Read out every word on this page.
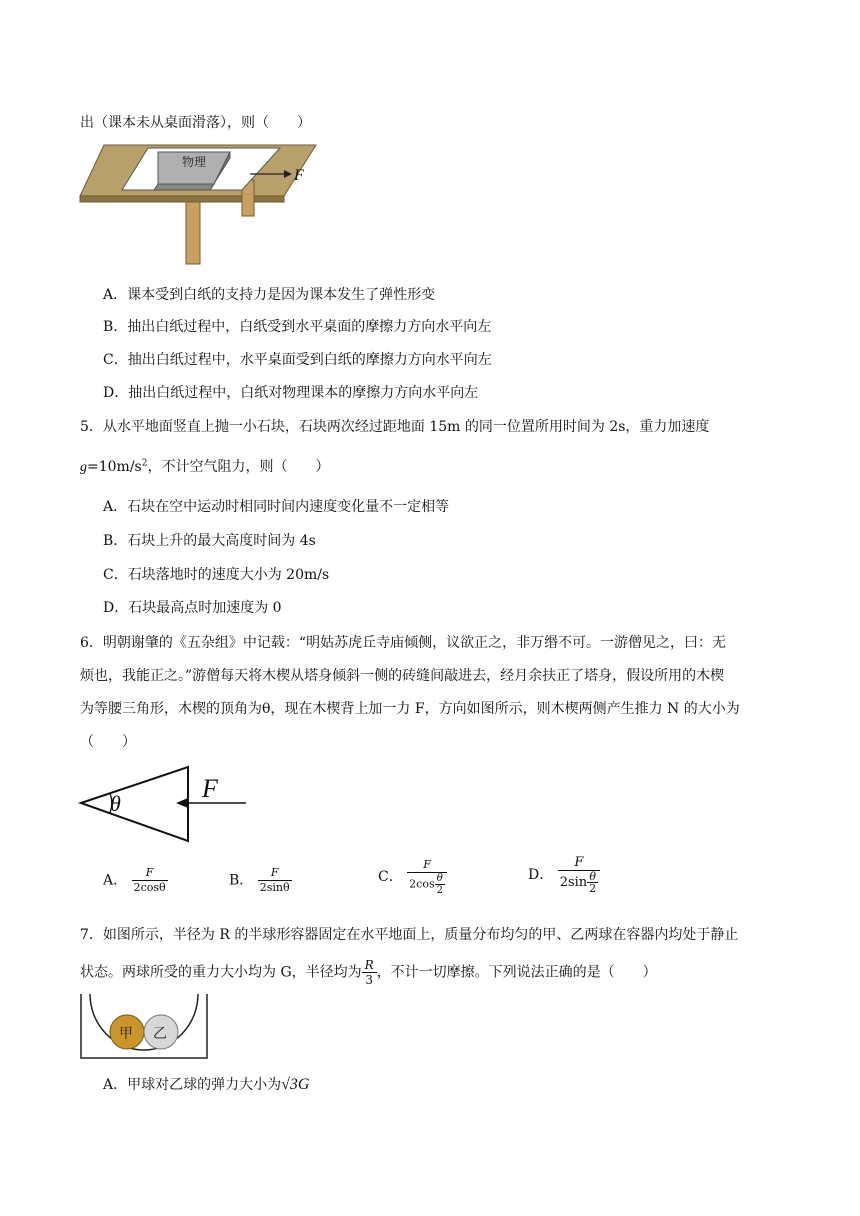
出（课本未从桌面滑落），则（　　）
物理
F
A．课本受到白纸的支持力是因为课本发生了弹性形变
B．抽出白纸过程中，白纸受到水平桌面的摩擦力方向水平向左
C．抽出白纸过程中，水平桌面受到白纸的摩擦力方向水平向左
D．抽出白纸过程中，白纸对物理课本的摩擦力方向水平向左
5．从水平地面竖直上抛一小石块，石块两次经过距地面 15m 的同一位置所用时间为 2s，重力加速度
$g=10m/s^2$，不计空气阻力，则（　　）
A．石块在空中运动时相同时间内速度变化量不一定相等
B．石块上升的最大高度时间为 4s
C．石块落地时的速度大小为 20m/s
D．石块最高点时加速度为 0
6．明朝谢肇的《五杂组》中记载：“明姑苏虎丘寺庙倾侧，议欲正之，非万缗不可。一游僧见之，曰：无
烦也，我能正之。”游僧每天将木楔从塔身倾斜一侧的砖缝间敲进去，经月余扶正了塔身，假设所用的木楔
为等腰三角形，木楔的顶角为θ，现在木楔背上加一力 F，方向如图所示，则木楔两侧产生推力 N 的大小为
（　　）
θ
F
A． $\frac{F}{2\cos\theta}$	B． $\frac{F}{2\sin\theta}$	C． $\frac{F}{2\cos \frac{\theta}{2}}$	D． $\frac{F}{2\sin \frac{\theta}{2}}$
7．如图所示，半径为 R 的半球形容器固定在水平地面上，质量分布均匀的甲、乙两球在容器内均处于静止
状态。两球所受的重力大小均为 G，半径均为 $\frac{R}{3}$ ，不计一切摩擦。下列说法正确的是（　　）
甲 乙
A．甲球对乙球的弹力大小为√3G
